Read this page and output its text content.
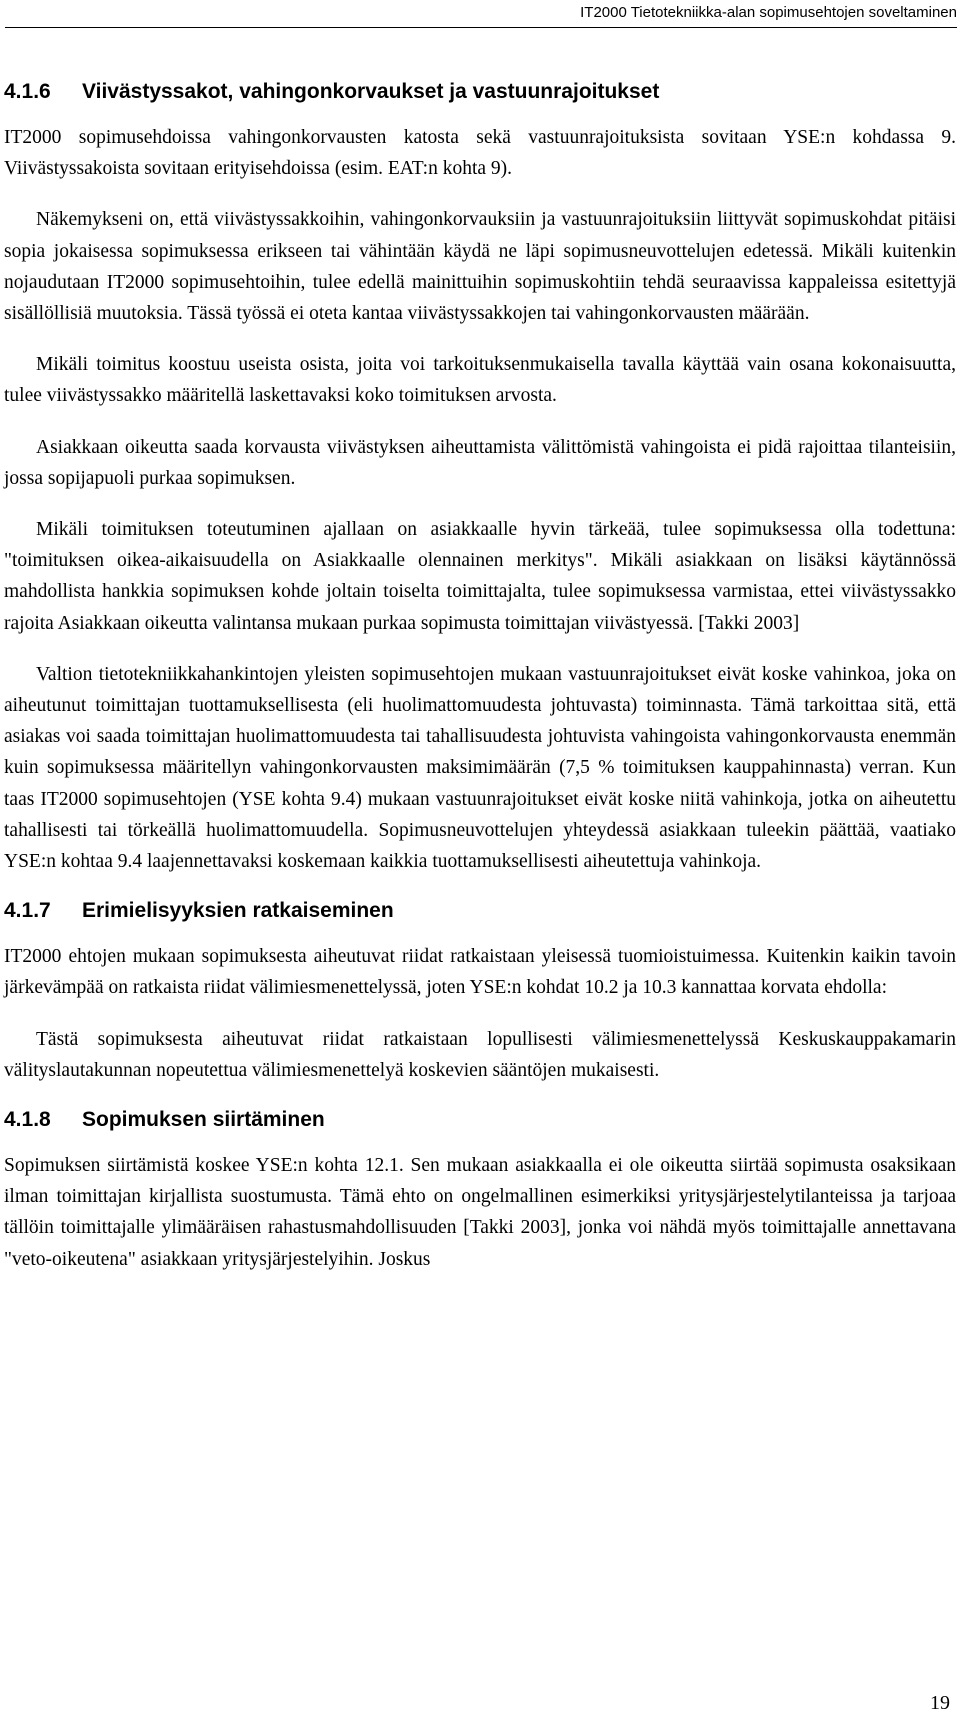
IT2000 Tietotekniikka-alan sopimusehtojen soveltaminen
4.1.6 Viivästyssakot, vahingonkorvaukset ja vastuunrajoitukset

IT2000 sopimusehdoissa vahingonkorvausten katosta sekä vastuunrajoituksista sovitaan YSE:n kohdassa 9. Viivästyssakoista sovitaan erityisehdoissa (esim. EAT:n kohta 9).

Näkemykseni on, että viivästyssakkoihin, vahingonkorvauksiin ja vastuunrajoituksiin liittyvät sopimuskohdat pitäisi sopia jokaisessa sopimuksessa erikseen tai vähintään käydä ne läpi sopimusneuvottelujen edetessä. Mikäli kuitenkin nojaudutaan IT2000 sopimusehtoihin, tulee edellä mainittuihin sopimuskohtiin tehdä seuraavissa kappaleissa esitettyjä sisällöllisiä muutoksia. Tässä työssä ei oteta kantaa viivästyssakkojen tai vahingonkorvausten määrään.

Mikäli toimitus koostuu useista osista, joita voi tarkoituksenmukaisella tavalla käyttää vain osana kokonaisuutta, tulee viivästyssakko määritellä laskettavaksi koko toimituksen arvosta.

Asiakkaan oikeutta saada korvausta viivästyksen aiheuttamista välittömistä vahingoista ei pidä rajoittaa tilanteisiin, jossa sopijapuoli purkaa sopimuksen.

Mikäli toimituksen toteutuminen ajallaan on asiakkaalle hyvin tärkeää, tulee sopimuksessa olla todettuna: "toimituksen oikea-aikaisuudella on Asiakkaalle olennainen merkitys". Mikäli asiakkaan on lisäksi käytännössä mahdollista hankkia sopimuksen kohde joltain toiselta toimittajalta, tulee sopimuksessa varmistaa, ettei viivästyssakko rajoita Asiakkaan oikeutta valintansa mukaan purkaa sopimusta toimittajan viivästyessä. [Takki 2003]

Valtion tietotekniikkahankintojen yleisten sopimusehtojen mukaan vastuunrajoitukset eivät koske vahinkoa, joka on aiheutunut toimittajan tuottamuksellisesta (eli huolimattomuudesta johtuvasta) toiminnasta. Tämä tarkoittaa sitä, että asiakas voi saada toimittajan huolimattomuudesta tai tahallisuudesta johtuvista vahingoista vahingonkorvausta enemmän kuin sopimuksessa määritellyn vahingonkorvausten maksimimäärän (7,5 % toimituksen kauppahinnasta) verran. Kun taas IT2000 sopimusehtojen (YSE kohta 9.4) mukaan vastuunrajoitukset eivät koske niitä vahinkoja, jotka on aiheutettu tahallisesti tai törkeällä huolimattomuudella. Sopimusneuvottelujen yhteydessä asiakkaan tuleekin päättää, vaatiako YSE:n kohtaa 9.4 laajennettavaksi koskemaan kaikkia tuottamuksellisesti aiheutettuja vahinkoja.

4.1.7 Erimielisyyksien ratkaiseminen

IT2000 ehtojen mukaan sopimuksesta aiheutuvat riidat ratkaistaan yleisessä tuomioistuimessa. Kuitenkin kaikin tavoin järkevämpää on ratkaista riidat välimiesmenettelyssä, joten YSE:n kohdat 10.2 ja 10.3 kannattaa korvata ehdolla:

Tästä sopimuksesta aiheutuvat riidat ratkaistaan lopullisesti välimiesmenettelyssä Keskuskauppakamarin välityslautakunnan nopeutettua välimiesmenettelyä koskevien sääntöjen mukaisesti.

4.1.8 Sopimuksen siirtäminen

Sopimuksen siirtämistä koskee YSE:n kohta 12.1. Sen mukaan asiakkaalla ei ole oikeutta siirtää sopimusta osaksikaan ilman toimittajan kirjallista suostumusta. Tämä ehto on ongelmallinen esimerkiksi yritysjärjestelytilanteissa ja tarjoaa tällöin toimittajalle ylimääräisen rahastusmahdollisuuden [Takki 2003], jonka voi nähdä myös toimittajalle annettavana "veto-oikeutena" asiakkaan yritysjärjestelyihin. Joskus

19
